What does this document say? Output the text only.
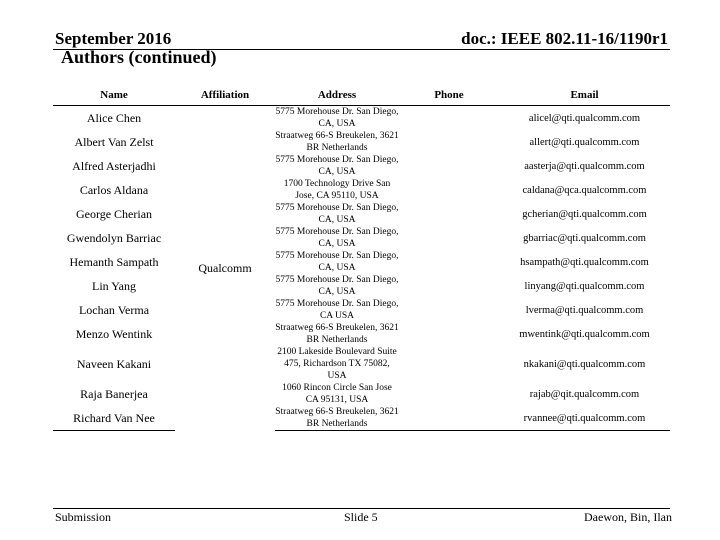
September 2016	doc.: IEEE 802.11-16/1190r1
Authors (continued)
Name	Affiliation	Address	Phone	Email
Alice Chen	Qualcomm	5775 Morehouse Dr. San Diego, CA, USA		alicel@qti.qualcomm.com
Albert Van Zelst		Straatweg 66-S Breukelen, 3621 BR Netherlands		allert@qti.qualcomm.com
Alfred Asterjadhi		5775 Morehouse Dr. San Diego, CA, USA		aasterja@qti.qualcomm.com
Carlos Aldana		1700 Technology Drive San Jose, CA 95110, USA		caldana@qca.qualcomm.com
George Cherian		5775 Morehouse Dr. San Diego, CA, USA		gcherian@qti.qualcomm.com
Gwendolyn Barriac		5775 Morehouse Dr. San Diego, CA, USA		gbarriac@qti.qualcomm.com
Hemanth Sampath		5775 Morehouse Dr. San Diego, CA, USA		hsampath@qti.qualcomm.com
Lin Yang		5775 Morehouse Dr. San Diego, CA, USA		linyang@qti.qualcomm.com
Lochan Verma		5775 Morehouse Dr. San Diego, CA USA		lverma@qti.qualcomm.com
Menzo Wentink		Straatweg 66-S Breukelen, 3621 BR Netherlands		mwentink@qti.qualcomm.com
Naveen Kakani		2100 Lakeside Boulevard Suite 475, Richardson TX 75082, USA		nkakani@qti.qualcomm.com
Raja Banerjea		1060 Rincon Circle San Jose CA 95131, USA		rajab@qit.qualcomm.com
Richard Van Nee		Straatweg 66-S Breukelen, 3621 BR Netherlands		rvannee@qti.qualcomm.com
Submission	Slide 5	Daewon, Bin, Ilan
